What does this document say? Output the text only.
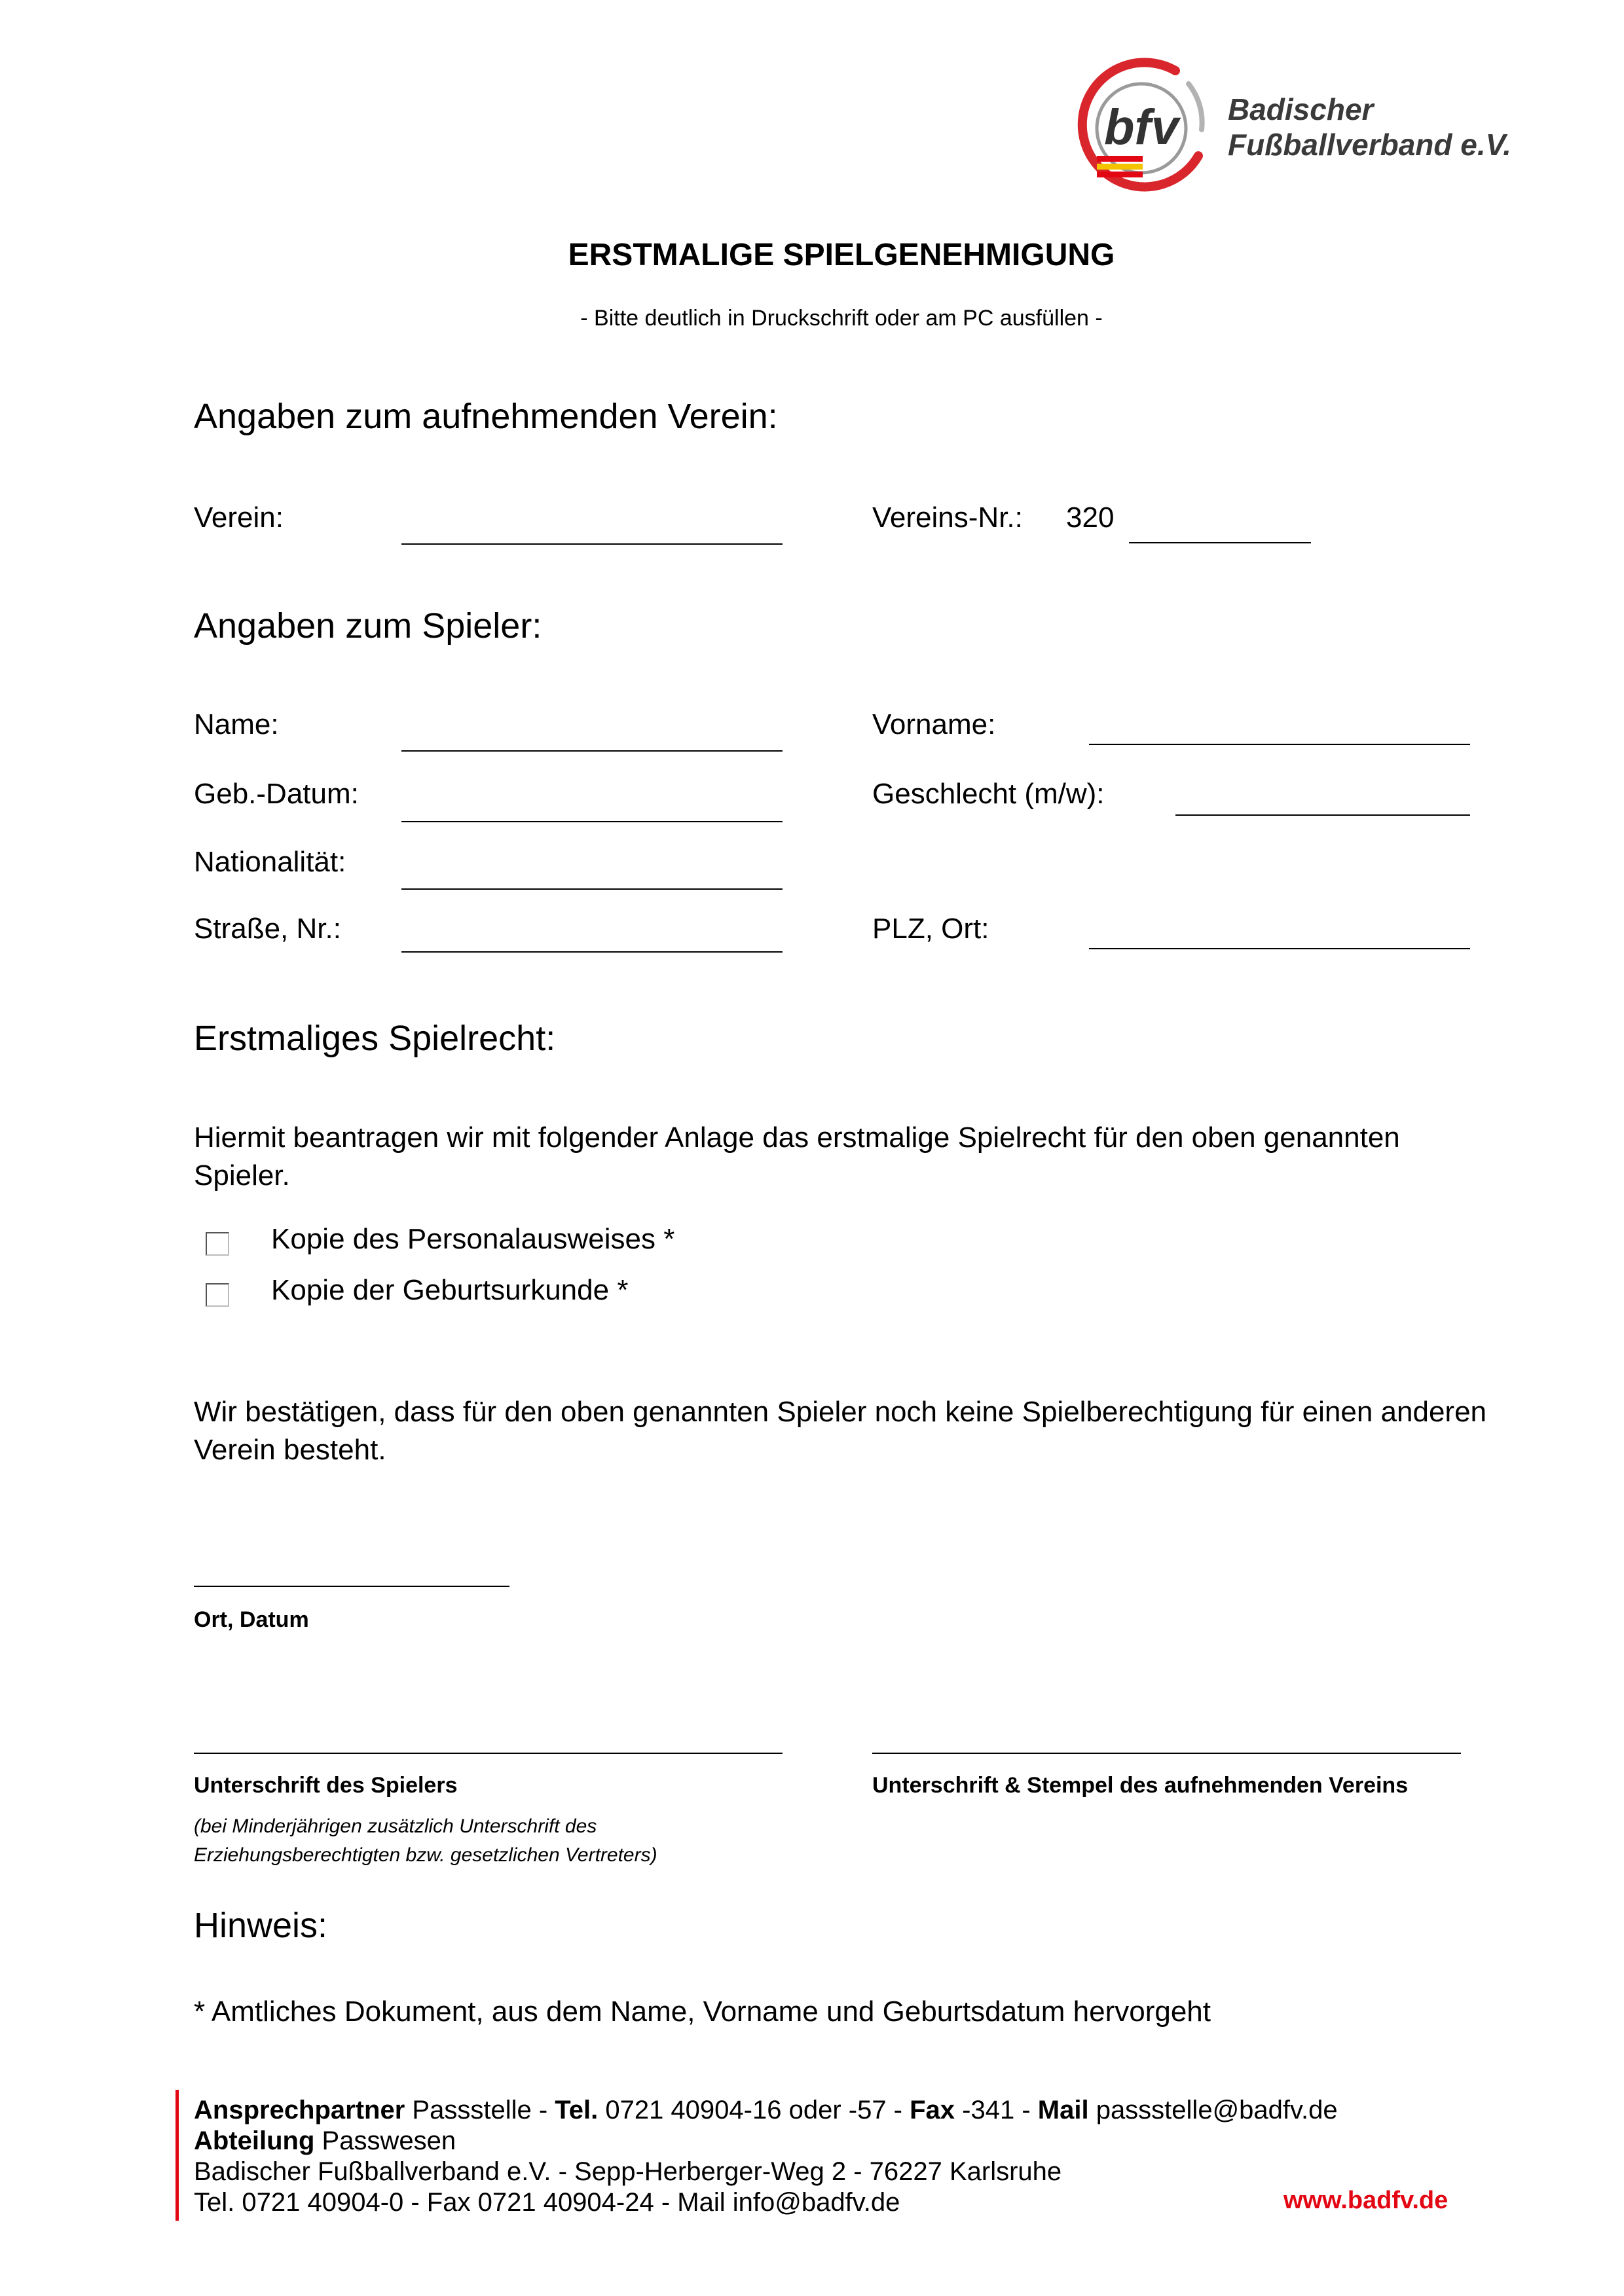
bfv Badischer
Fußballverband e.V.
ERSTMALIGE SPIELGENEHMIGUNG
- Bitte deutlich in Druckschrift oder am PC ausfüllen -
Angaben zum aufnehmenden Verein:
Verein:	Vereins-Nr.: 320
Angaben zum Spieler:
Name:	Vorname:
Geb.-Datum:	Geschlecht (m/w):
Nationalität:
Straße, Nr.:	PLZ, Ort:
Erstmaliges Spielrecht:
Hiermit beantragen wir mit folgender Anlage das erstmalige Spielrecht für den oben genannten Spieler.
Kopie des Personalausweises *
Kopie der Geburtsurkunde *
Wir bestätigen, dass für den oben genannten Spieler noch keine Spielberechtigung für einen anderen Verein besteht.
Ort, Datum
Unterschrift des Spielers
(bei Minderjährigen zusätzlich Unterschrift des
Erziehungsberechtigten bzw. gesetzlichen Vertreters)
Unterschrift & Stempel des aufnehmenden Vereins
Hinweis:
* Amtliches Dokument, aus dem Name, Vorname und Geburtsdatum hervorgeht
Ansprechpartner Passstelle - Tel. 0721 40904-16 oder -57 - Fax -341 - Mail passstelle@badfv.de
Abteilung Passwesen
Badischer Fußballverband e.V. - Sepp-Herberger-Weg 2 - 76227 Karlsruhe
Tel. 0721 40904-0 - Fax 0721 40904-24 - Mail info@badfv.de	www.badfv.de
